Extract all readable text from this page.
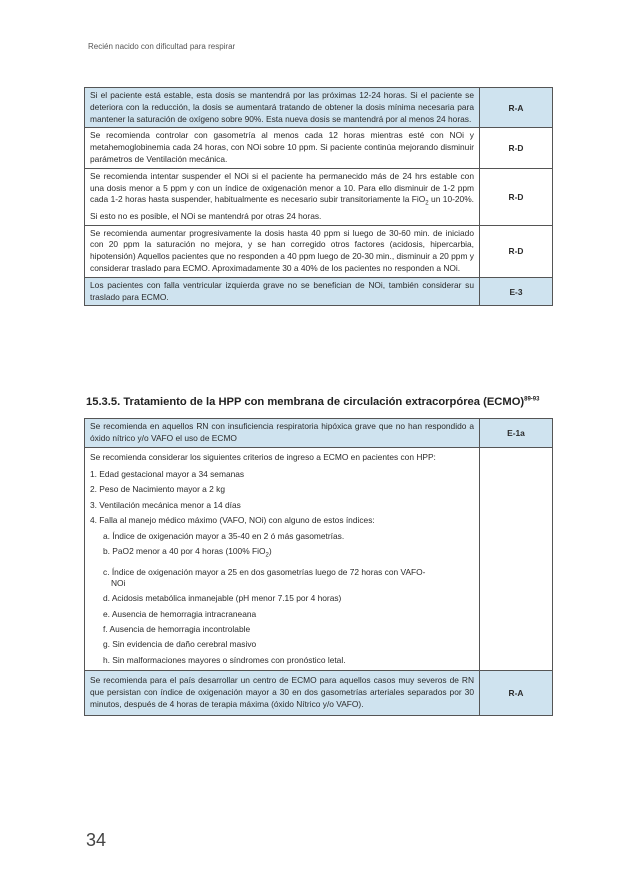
Recién nacido con dificultad para respirar
Si el paciente está estable, esta dosis se mantendrá por las próximas 12-24 horas. Si el paciente se deteriora con la reducción, la dosis se aumentará tratando de obtener la dosis mínima necesaria para mantener la saturación de oxígeno sobre 90%. Esta nueva dosis se mantendrá por al menos 24 horas.
R-A
Se recomienda controlar con gasometría al menos cada 12 horas mientras esté con NOi y metahemoglobinemia cada 24 horas, con NOi sobre 10 ppm. Si paciente continúa mejorando disminuir parámetros de Ventilación mecánica.
R-D
Se recomienda intentar suspender el NOi si el paciente ha permanecido más de 24 hrs estable con una dosis menor a 5 ppm y con un índice de oxigenación menor a 10. Para ello disminuir de 1-2 ppm cada 1-2 horas hasta suspender, habitualmente es necesario subir transitoriamente la FiO$_2$ un 10-20%. Si esto no es posible, el NOi se mantendrá por otras 24 horas.
R-D
Se recomienda aumentar progresivamente la dosis hasta 40 ppm si luego de 30-60 min. de iniciado con 20 ppm la saturación no mejora, y se han corregido otros factores (acidosis, hipercarbia, hipotensión) Aquellos pacientes que no responden a 40 ppm luego de 20-30 min., disminuir a 20 ppm y considerar traslado para ECMO. Aproximadamente 30 a 40% de los pacientes no responden a NOi.
R-D
Los pacientes con falla ventricular izquierda grave no se benefician de NOi, también considerar su traslado para ECMO.	E-3
15.3.5. Tratamiento de la HPP con membrana de circulación extracorpórea (ECMO)$^{89-93}$
Se recomienda en aquellos RN con insuficiencia respiratoria hipóxica grave que no han respondido a óxido nítrico y/o VAFO el uso de ECMO	E-1a
Se recomienda considerar los siguientes criterios de ingreso a ECMO en pacientes con HPP:
1. Edad gestacional mayor a 34 semanas
2. Peso de Nacimiento mayor a 2 kg
3. Ventilación mecánica menor a 14 días
4. Falla al manejo médico máximo (VAFO, NOi) con alguno de estos índices:
a. Índice de oxigenación mayor a 35-40 en 2 ó más gasometrías.
b. PaO2 menor a 40 por 4 horas (100% FiO$_2$)
c. Índice de oxigenación mayor a 25 en dos gasometrías luego de 72 horas con VAFO-
NOi
d. Acidosis metabólica inmanejable (pH menor 7.15 por 4 horas)
e. Ausencia de hemorragia intracraneana
f. Ausencia de hemorragia incontrolable
g. Sin evidencia de daño cerebral masivo
h. Sin malformaciones mayores o síndromes con pronóstico letal.
Se recomienda para el país desarrollar un centro de ECMO para aquellos casos muy severos de RN que persistan con índice de oxigenación mayor a 30 en dos gasometrías arteriales separados por 30 minutos, después de 4 horas de terapia máxima (óxido Nítrico y/o VAFO).
R-A
34
